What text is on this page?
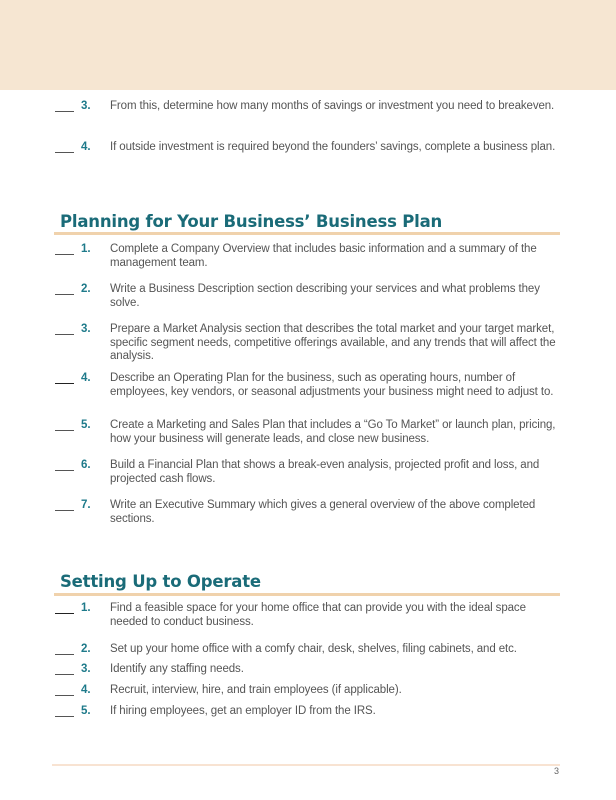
3. From this, determine how many months of savings or investment you need to breakeven.
4. If outside investment is required beyond the founders’ savings, complete a business plan.
Planning for Your Business’ Business Plan
1. Complete a Company Overview that includes basic information and a summary of the management team.
2. Write a Business Description section describing your services and what problems they solve.
3. Prepare a Market Analysis section that describes the total market and your target market, specific segment needs, competitive offerings available, and any trends that will affect the analysis.
4. Describe an Operating Plan for the business, such as operating hours, number of employees, key vendors, or seasonal adjustments your business might need to adjust to.
5. Create a Marketing and Sales Plan that includes a “Go To Market” or launch plan, pricing, how your business will generate leads, and close new business.
6. Build a Financial Plan that shows a break-even analysis, projected profit and loss, and projected cash flows.
7. Write an Executive Summary which gives a general overview of the above completed sections.
Setting Up to Operate
1. Find a feasible space for your home office that can provide you with the ideal space needed to conduct business.
2. Set up your home office with a comfy chair, desk, shelves, filing cabinets, and etc.
3. Identify any staffing needs.
4. Recruit, interview, hire, and train employees (if applicable).
5. If hiring employees, get an employer ID from the IRS.
3
